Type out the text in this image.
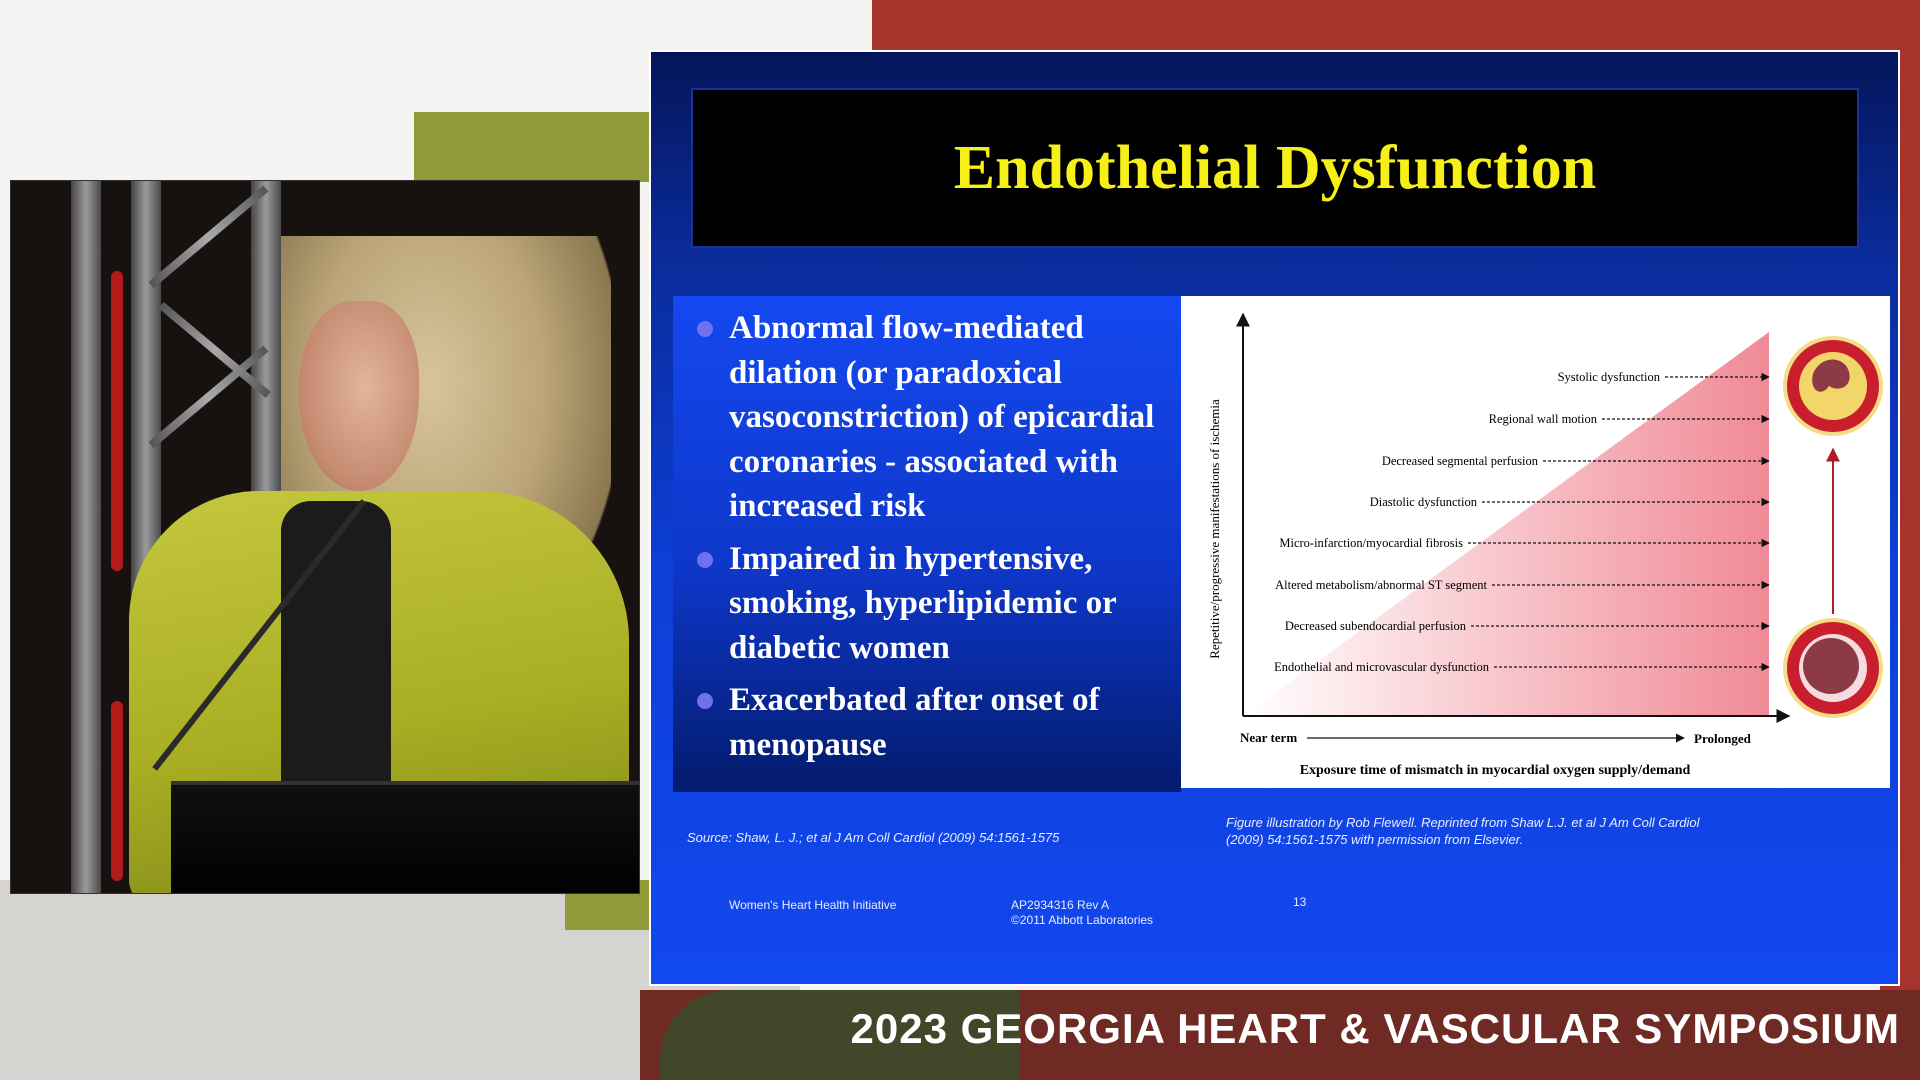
Endothelial Dysfunction
Abnormal flow-mediated dilation (or paradoxical vasoconstriction) of epicardial coronaries - associated with increased risk
Impaired in hypertensive, smoking, hyperlipidemic or diabetic women
Exacerbated after onset of menopause
Repetitive/progressive manifestations of ischemia
Systolic dysfunction
Regional wall motion
Decreased segmental perfusion
Diastolic dysfunction
Micro-infarction/myocardial fibrosis
Altered metabolism/abnormal ST segment
Decreased subendocardial perfusion
Endothelial and microvascular dysfunction
Near term	Prolonged
Exposure time of mismatch in myocardial oxygen supply/demand
Source: Shaw, L. J.; et al J Am Coll Cardiol (2009) 54:1561-1575
Figure illustration by Rob Flewell. Reprinted from Shaw L.J. et al J Am Coll Cardiol
(2009) 54:1561-1575 with permission from Elsevier.
Women's Heart Health Initiative	AP2934316 Rev A
©2011 Abbott Laboratories
13
2023 GEORGIA HEART & VASCULAR SYMPOSIUM
